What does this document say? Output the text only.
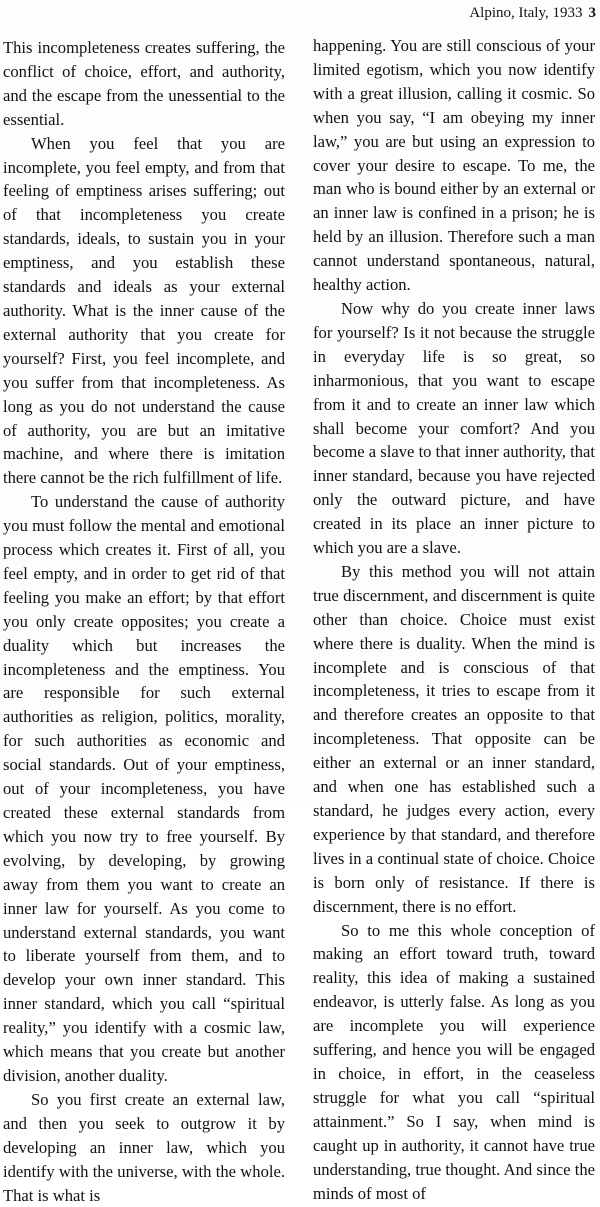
Alpino, Italy, 1933 3

This incompleteness creates suffering, the conflict of choice, effort, and authority, and the escape from the unessential to the essential.

When you feel that you are incomplete, you feel empty, and from that feeling of emptiness arises suffering; out of that incompleteness you create standards, ideals, to sustain you in your emptiness, and you establish these standards and ideals as your external authority. What is the inner cause of the external authority that you create for yourself? First, you feel incomplete, and you suffer from that incompleteness. As long as you do not understand the cause of authority, you are but an imitative machine, and where there is imitation there cannot be the rich fulfillment of life.

To understand the cause of authority you must follow the mental and emotional process which creates it. First of all, you feel empty, and in order to get rid of that feeling you make an effort; by that effort you only create opposites; you create a duality which but increases the incompleteness and the emptiness. You are responsible for such external authorities as religion, politics, morality, for such authorities as economic and social standards. Out of your emptiness, out of your incompleteness, you have created these external standards from which you now try to free yourself. By evolving, by developing, by growing away from them you want to create an inner law for yourself. As you come to understand external standards, you want to liberate yourself from them, and to develop your own inner standard. This inner standard, which you call “spiritual reality,” you identify with a cosmic law, which means that you create but another division, another duality.

So you first create an external law, and then you seek to outgrow it by developing an inner law, which you identify with the universe, with the whole. That is what is

happening. You are still conscious of your limited egotism, which you now identify with a great illusion, calling it cosmic. So when you say, “I am obeying my inner law,” you are but using an expression to cover your desire to escape. To me, the man who is bound either by an external or an inner law is confined in a prison; he is held by an illusion. Therefore such a man cannot understand spontaneous, natural, healthy action.

Now why do you create inner laws for yourself? Is it not because the struggle in everyday life is so great, so inharmonious, that you want to escape from it and to create an inner law which shall become your comfort? And you become a slave to that inner authority, that inner standard, because you have rejected only the outward picture, and have created in its place an inner picture to which you are a slave.

By this method you will not attain true discernment, and discernment is quite other than choice. Choice must exist where there is duality. When the mind is incomplete and is conscious of that incompleteness, it tries to escape from it and therefore creates an opposite to that incompleteness. That opposite can be either an external or an inner standard, and when one has established such a standard, he judges every action, every experience by that standard, and therefore lives in a continual state of choice. Choice is born only of resistance. If there is discernment, there is no effort.

So to me this whole conception of making an effort toward truth, toward reality, this idea of making a sustained endeavor, is utterly false. As long as you are incomplete you will experience suffering, and hence you will be engaged in choice, in effort, in the ceaseless struggle for what you call “spiritual attainment.” So I say, when mind is caught up in authority, it cannot have true understanding, true thought. And since the minds of most of
